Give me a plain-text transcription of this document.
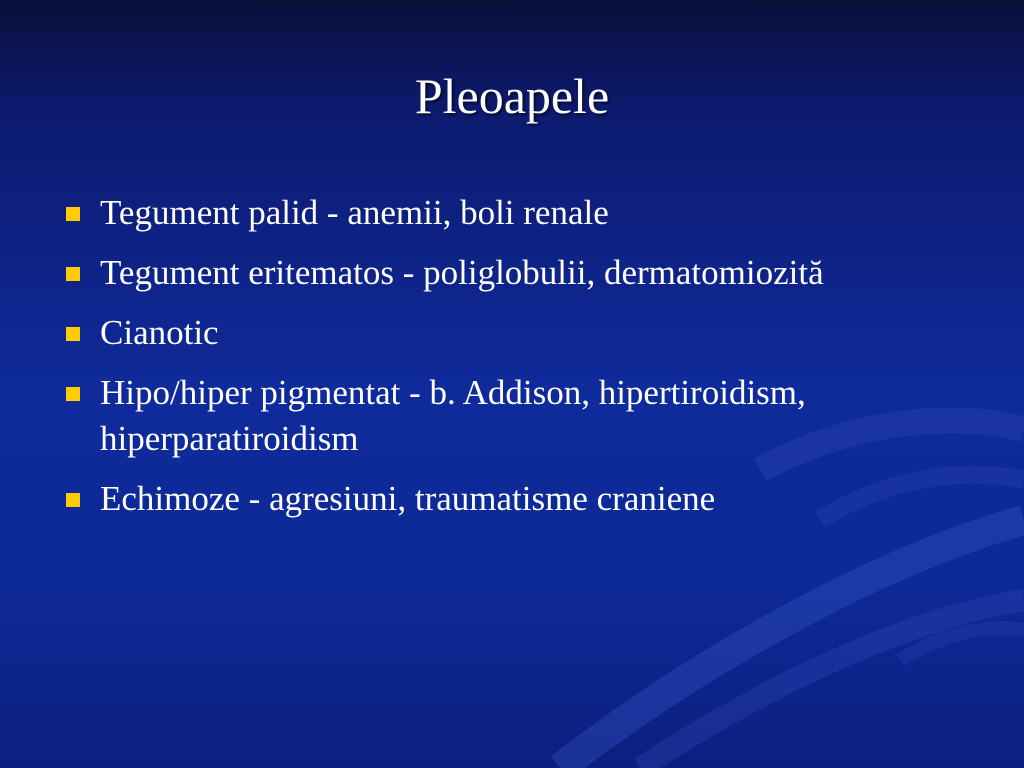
Pleoapele
Tegument palid - anemii, boli renale
Tegument eritematos - poliglobulii, dermatomiozită
Cianotic
Hipo/hiper pigmentat - b. Addison, hipertiroidism, hiperparatiroidism
Echimoze - agresiuni, traumatisme craniene
